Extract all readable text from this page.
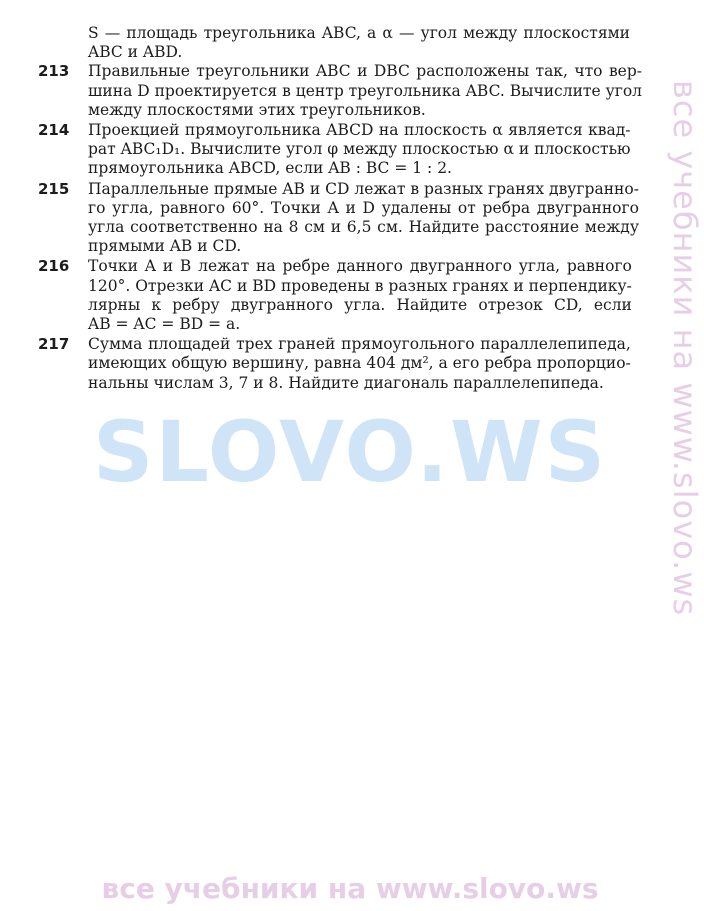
S — площадь треугольника ABC, а α — угол между плоскостями
ABC и ABD.
213	Правильные треугольники ABC и DBC расположены так, что вер-
шина D проектируется в центр треугольника ABC. Вычислите угол
между плоскостями этих треугольников.
214	Проекцией прямоугольника ABCD на плоскость α является квад-
рат ABC₁D₁. Вычислите угол φ между плоскостью α и плоскостью
прямоугольника ABCD, если AB : BC = 1 : 2.
215	Параллельные прямые AB и CD лежат в разных гранях двугранно-
го угла, равного 60°. Точки A и D удалены от ребра двугранного
угла соответственно на 8 см и 6,5 см. Найдите расстояние между
прямыми AB и CD.
216	Точки A и B лежат на ребре данного двугранного угла, равного
120°. Отрезки AC и BD проведены в разных гранях и перпендику-
лярны к ребру двугранного угла. Найдите отрезок CD, если
AB = AC = BD = a.
217	Сумма площадей трех граней прямоугольного параллелепипеда,
имеющих общую вершину, равна 404 дм², а его ребра пропорцио-
нальны числам 3, 7 и 8. Найдите диагональ параллелепипеда.
SLOVO.WS	все учебники на www.slovo.ws
все учебники на www.slovo.ws
